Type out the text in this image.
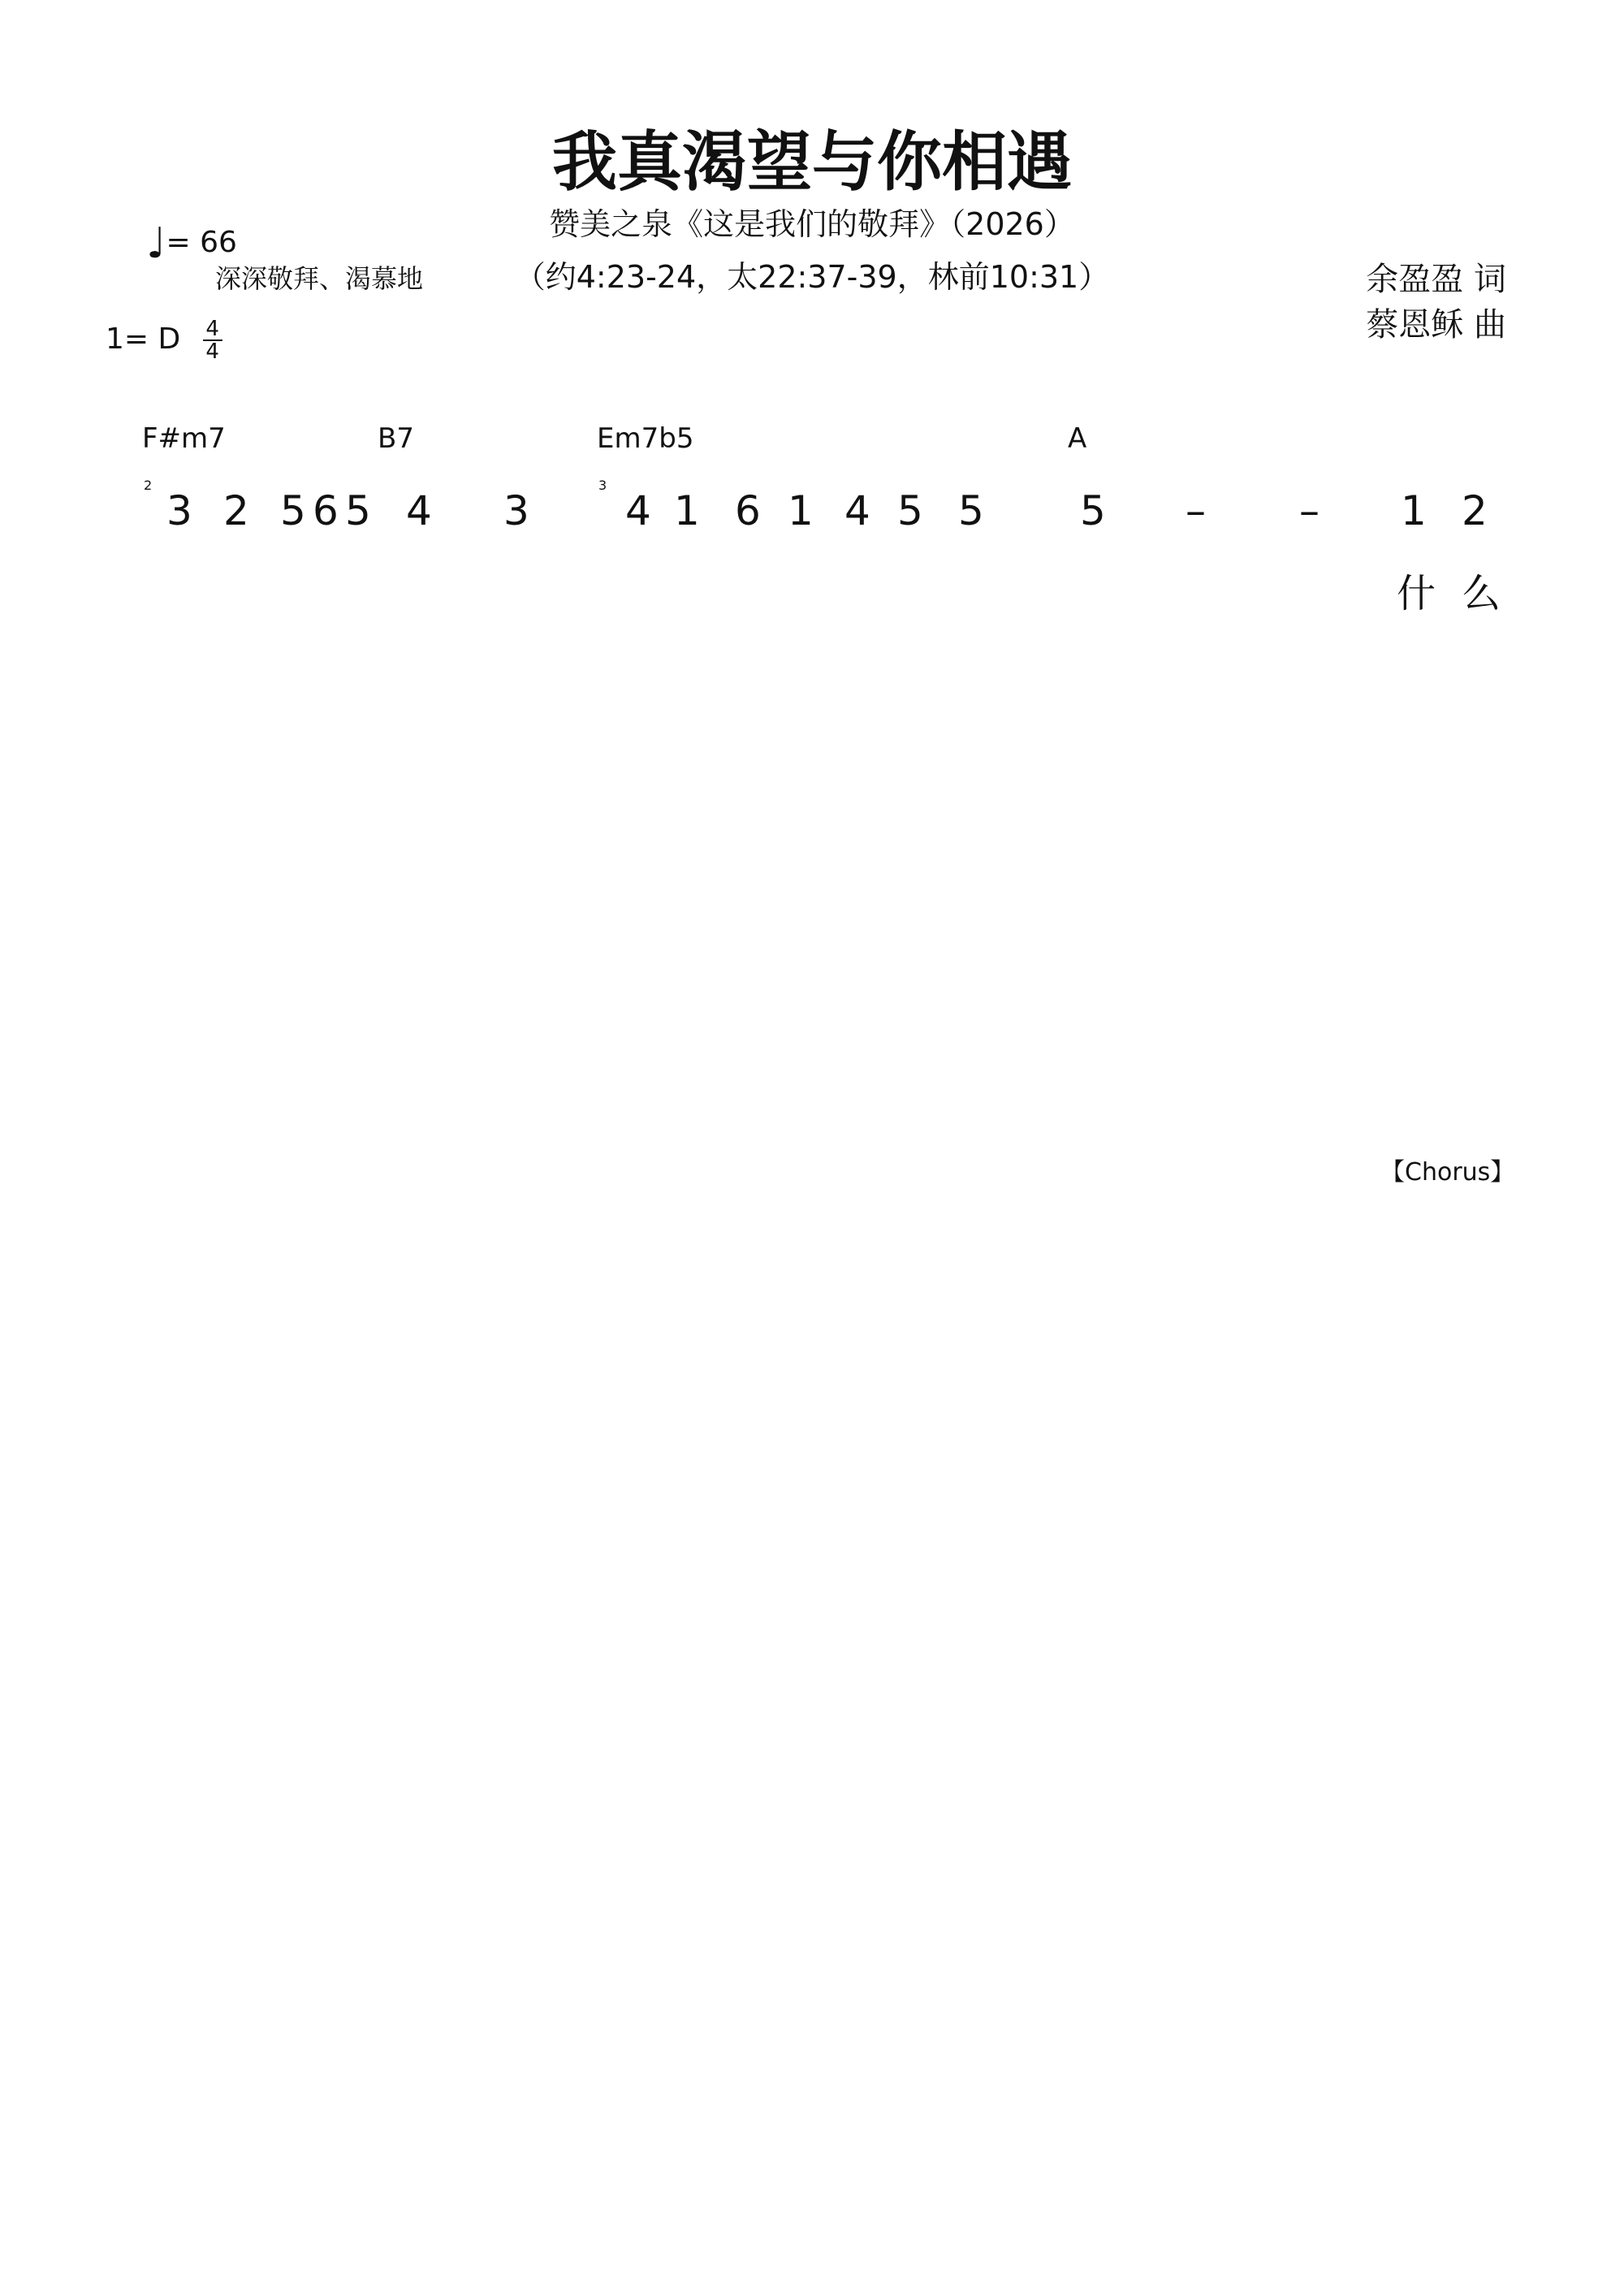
我真渴望与你相遇
赞美之泉《这是我们的敬拜》（2026）
（约4:23-24，太22:37-39，林前10:31）
♩= 66
深深敬拜、渴慕地
1= D $\frac{4}{4}$
余盈盈 词
蔡恩稣 曲
【Chorus】
F#m7	B7	Em7b5	A
3 2 5 6 5 4 3 4 1 6 1 4 5 5 5 – – 1 2
什 么
2	3
